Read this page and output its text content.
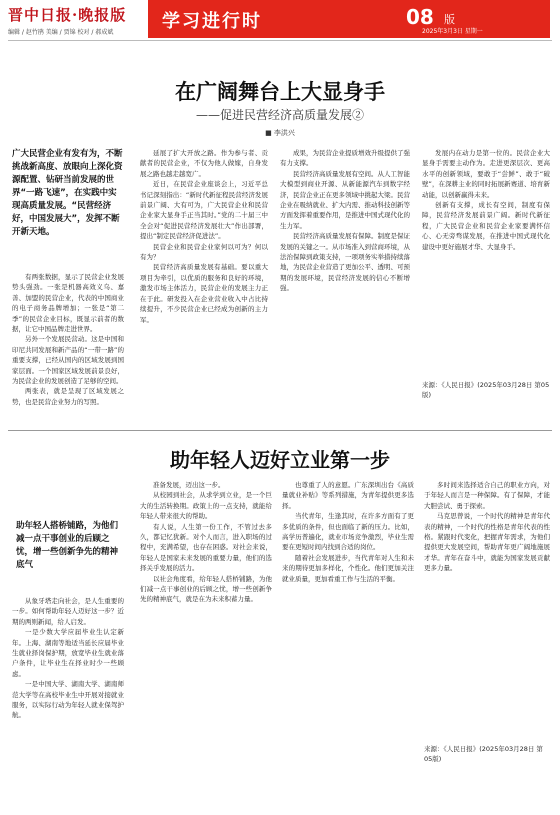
晋中日报·晚报版
编辑 / 赵竹鹃 美编 / 贾锦 校对 / 郝成斌
学习进行时	08 版
2025年3月3日 星期一
在广阔舞台上大显身手
——促进民营经济高质量发展②
■ 李洪兴
广大民营企业有发有为，不断挑战新高度、放眼向上深化资源配置、钻研当前发展的世界“一路飞速”，在实践中实现高质量发展。“民营经济好，中国发展大”，发挥不断开新天地。

有两张数据，显示了民营企业发展势头强劲。一张是机器高效义乌、嘉善、加盟的民营企业，代表的中国商业的电子商务品牌增加；一张是“第二季”的民营企业目标，既显示前者的数据，让它中国品牌走进世界。

另外一个发展民营动。这是中国和印尼共同发展和新产品的“一带一路”的重要支撑，已经从国内的区域发展到国家层面。一个国家区域发展前景良好，为民营企业的发展创造了足够的空间。

两张表，就是呈现了区域发展之势，也是民营企业努力的写照。

延展了扩大开放之路。作为参与者、贡献者的民营企业，不仅为他人做嫁，自身发展之路也越走越宽广。

近日，在民营企业座谈会上，习近平总书记深刻指出：“新时代新征程民营经济发展前景广阔、大有可为，广大民营企业和民营企业家大显身手正当其时。”党的二十届三中全会对“促进民营经济发展壮大”作出部署，提出“制定民营经济促进法”。

民营企业和民营企业家何以可为？何以有为？

民营经济高质量发展有基础。要以重大项目为牵引，以优质的服务和良好的环境，激发市场主体活力，民营企业的发展主力正在于此。研发投入在企业营业收入中占比持续提升，不少民营企业已经成为创新的主力军。

成果，为民营企业提质增效升级提供了强有力支撑。

民营经济高质量发展有空间。从人工智能大模型到商业开源、从新能源汽车到数字经济，民营企业正在更多领域中挑起大梁。民营企业在吸纳就业、扩大内需、推动科技创新等方面发挥着重要作用，是推进中国式现代化的生力军。

民营经济高质量发展有保障。制度是保证发展的关键之一。从市场准入到营商环境，从法治保障到政策支持，一项项务实举措持续落地，为民营企业营造了更加公平、透明、可预期的发展环境，民营经济发展的信心不断增强。

发展内在动力是第一位的。民营企业大显身手需要主动作为。走进更深层次、更高水平的创新领域，要敢于“尝鲜”、敢于“破壁”，在深耕主业的同时拓展新赛道、培育新动能，以创新赢得未来。

创新有支撑，成长有空间，制度有保障，民营经济发展前景广阔。新时代新征程，广大民营企业和民营企业家要满怀信心、心无旁骛谋发展，在推进中国式现代化建设中更好施展才华、大显身手。

来源：《人民日报》(2025年03月28日 第05版)
助年轻人迈好立业第一步
助年轻人搭桥铺路，为他们减一点干事创业的后顾之忧，增一些创新争先的精神底气

从象牙塔走向社会，是人生重要的一步。如何帮助年轻人迈好这一步？近期的两则新闻，给人启发。

一是少数大学应届毕业生认定新年。上海、湖南等地适当延长应届毕业生就业择岗保护期，放宽毕业生就业落户条件，让毕业生在择业时少一些顾虑。

一是中国大学、湖南大学、湖南师范大学等在高校毕业生中开展对接就业服务，以实际行动为年轻人就业保驾护航。

准备发展，迈出这一步。

从校园到社会，从求学到立业，是一个巨大的生活转换期。政策上的一点支持，就能给年轻人带来很大的帮助。

有人说，人生第一份工作，不管过去多久，都记忆犹新。对个人而言，进入职场的过程中，充满希望，也存在困惑。对社会来说，年轻人是国家未来发展的重要力量，他们的选择关乎发展的活力。

以社会角度看，给年轻人搭桥铺路，为他们减一点干事创业的后顾之忧，增一些创新争先的精神底气，就是在为未来积蓄力量。

也尊重了人的意愿。广东深圳出台《高质量就业补贴》等系列措施，为青年提供更多选择。

当代青年，生逢其时，在许多方面有了更多优质的条件，但也面临了新的压力。比如，高学历普遍化，就业市场竞争激烈，毕业生需要在更短时间内找到合适的岗位。

随着社会发展进步，当代青年对人生和未来的期待更加多样化，个性化。他们更加关注就业质量，更加看重工作与生活的平衡。

多时间来选择适合自己的职业方向，对于年轻人而言是一种保障。有了保障，才能大胆尝试、勇于探索。

马克思曾说，一个时代的精神是青年代表的精神，一个时代的性格是青年代表的性格。紧跟时代变化，把握青年需求，为他们提供更大发展空间，帮助青年更广阔地施展才华。青年在奋斗中，就能为国家发展贡献更多力量。

来源：《人民日报》(2025年03月28日 第05版)
